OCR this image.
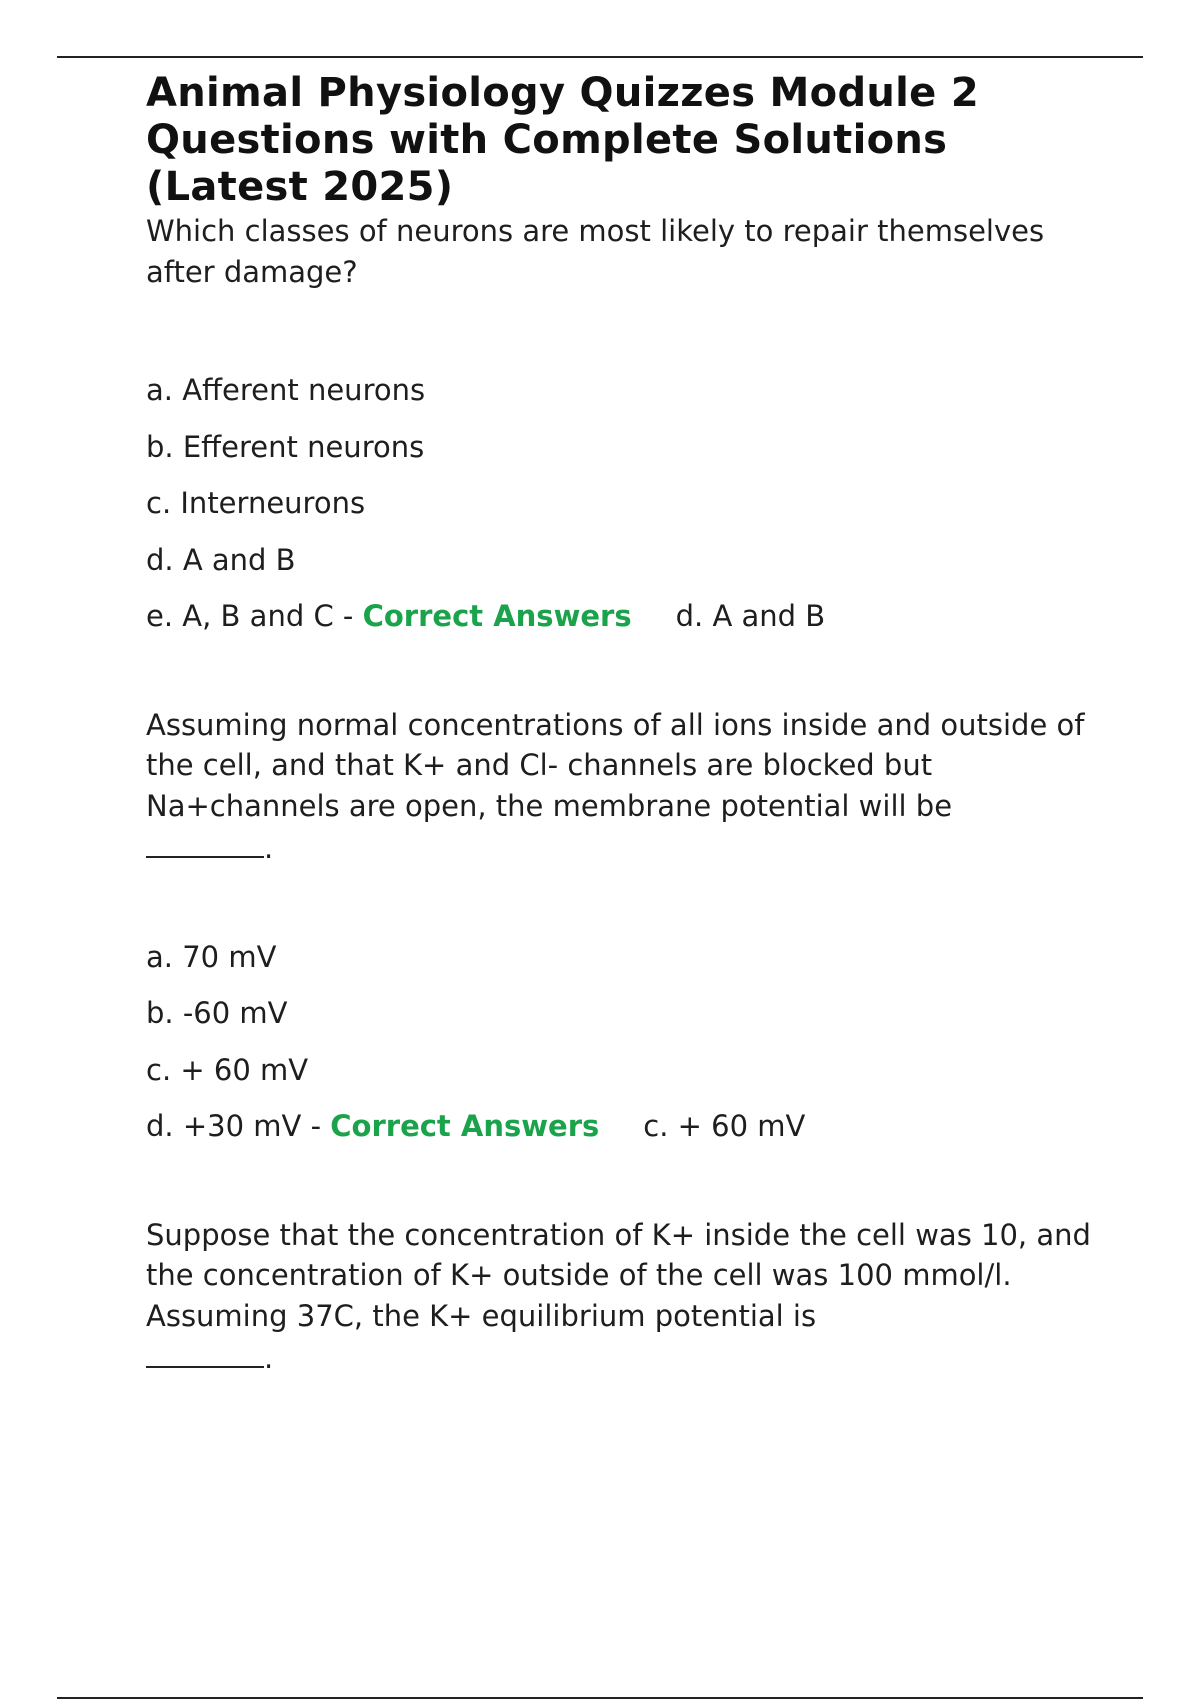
Animal Physiology Quizzes Module 2 Questions with Complete Solutions (Latest 2025)

Which classes of neurons are most likely to repair themselves after damage?

a. Afferent neurons
b. Efferent neurons
c. Interneurons
d. A and B
e. A, B and C - Correct Answers d. A and B

Assuming normal concentrations of all ions inside and outside of the cell, and that K+ and Cl- channels are blocked but Na+channels are open, the membrane potential will be
.

a. 70 mV
b. -60 mV
c. + 60 mV
d. +30 mV - Correct Answers c. + 60 mV

Suppose that the concentration of K+ inside the cell was 10, and the concentration of K+ outside of the cell was 100 mmol/l. Assuming 37C, the K+ equilibrium potential is
.
